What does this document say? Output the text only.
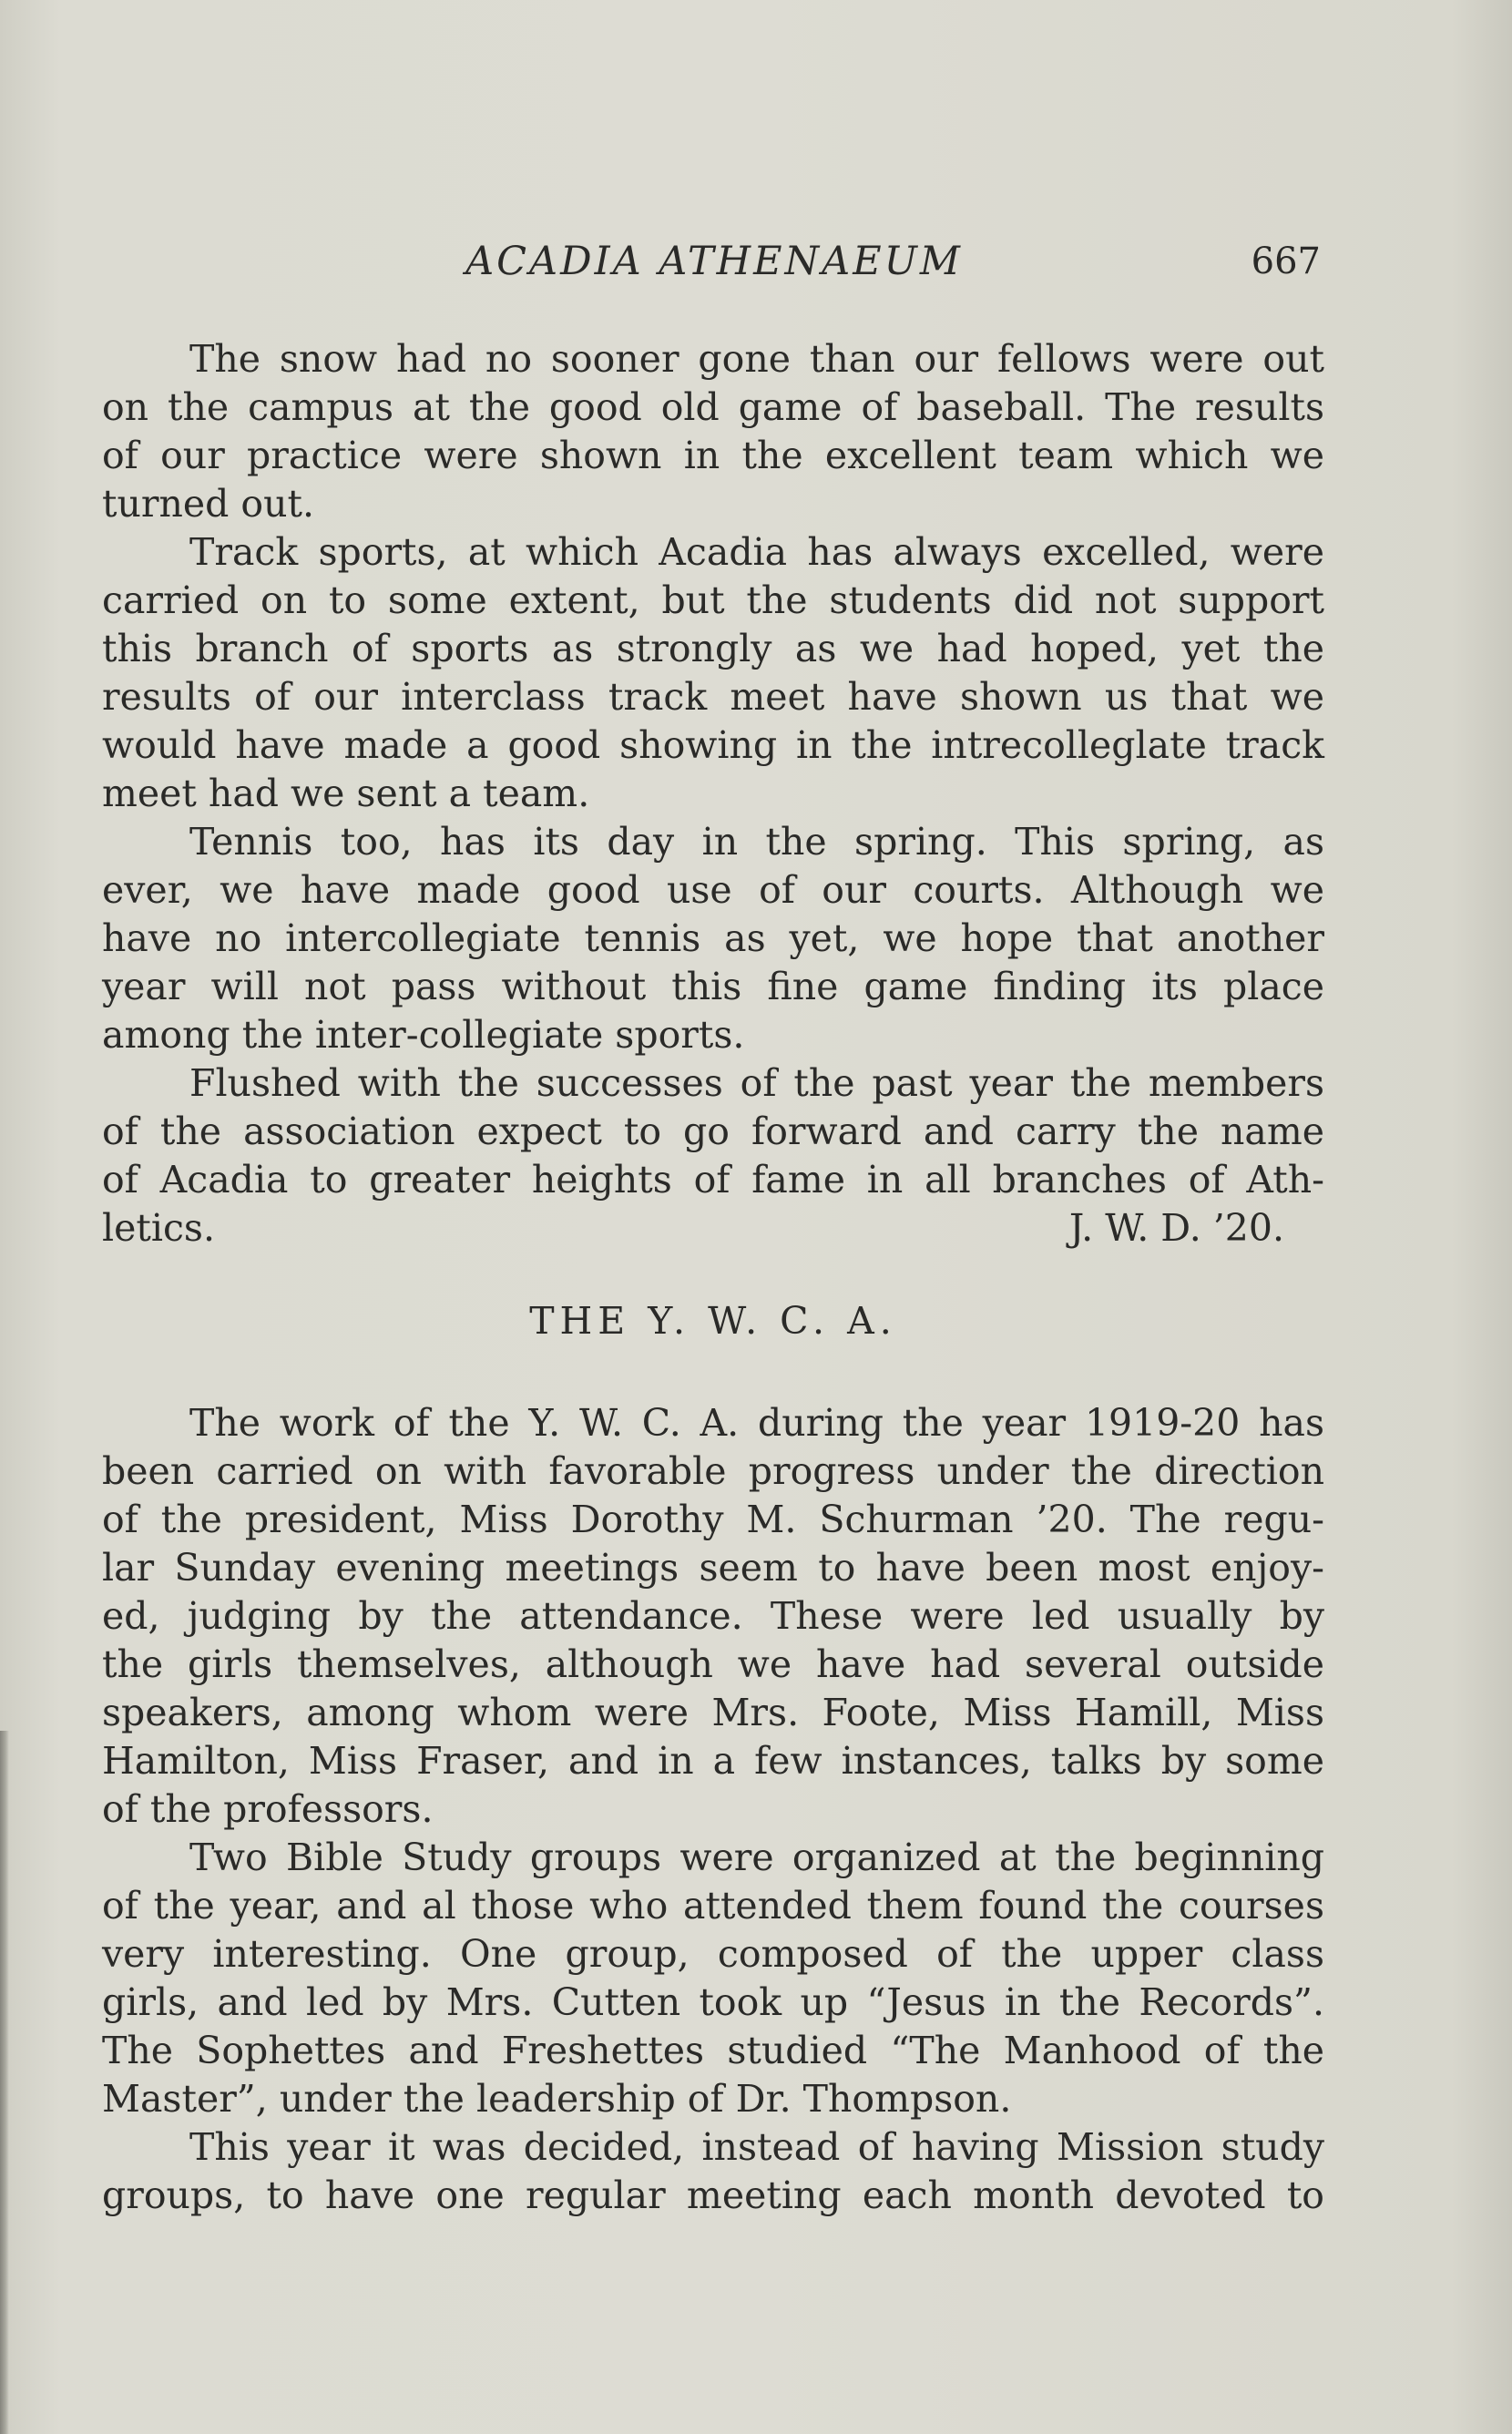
ACADIA ATHENAEUM	667
The snow had no sooner gone than our fellows were out
on the campus at the good old game of baseball. The results
of our practice were shown in the excellent team which we
turned out.
Track sports, at which Acadia has always excelled, were
carried on to some extent, but the students did not support
this branch of sports as strongly as we had hoped, yet the
results of our interclass track meet have shown us that we
would have made a good showing in the intrecolleglate track
meet had we sent a team.
Tennis too, has its day in the spring. This spring, as
ever, we have made good use of our courts. Although we
have no intercollegiate tennis as yet, we hope that another
year will not pass without this fine game finding its place
among the inter-collegiate sports.
Flushed with the successes of the past year the members
of the association expect to go forward and carry the name
of Acadia to greater heights of fame in all branches of Ath-
letics.	J. W. D. ’20.
THE Y. W. C. A.
The work of the Y. W. C. A. during the year 1919-20 has
been carried on with favorable progress under the direction
of the president, Miss Dorothy M. Schurman ’20. The regu-
lar Sunday evening meetings seem to have been most enjoy-
ed, judging by the attendance. These were led usually by
the girls themselves, although we have had several outside
speakers, among whom were Mrs. Foote, Miss Hamill, Miss
Hamilton, Miss Fraser, and in a few instances, talks by some
of the professors.
Two Bible Study groups were organized at the beginning
of the year, and al those who attended them found the courses
very interesting. One group, composed of the upper class
girls, and led by Mrs. Cutten took up “Jesus in the Records”.
The Sophettes and Freshettes studied “The Manhood of the
Master”, under the leadership of Dr. Thompson.
This year it was decided, instead of having Mission study
groups, to have one regular meeting each month devoted to
